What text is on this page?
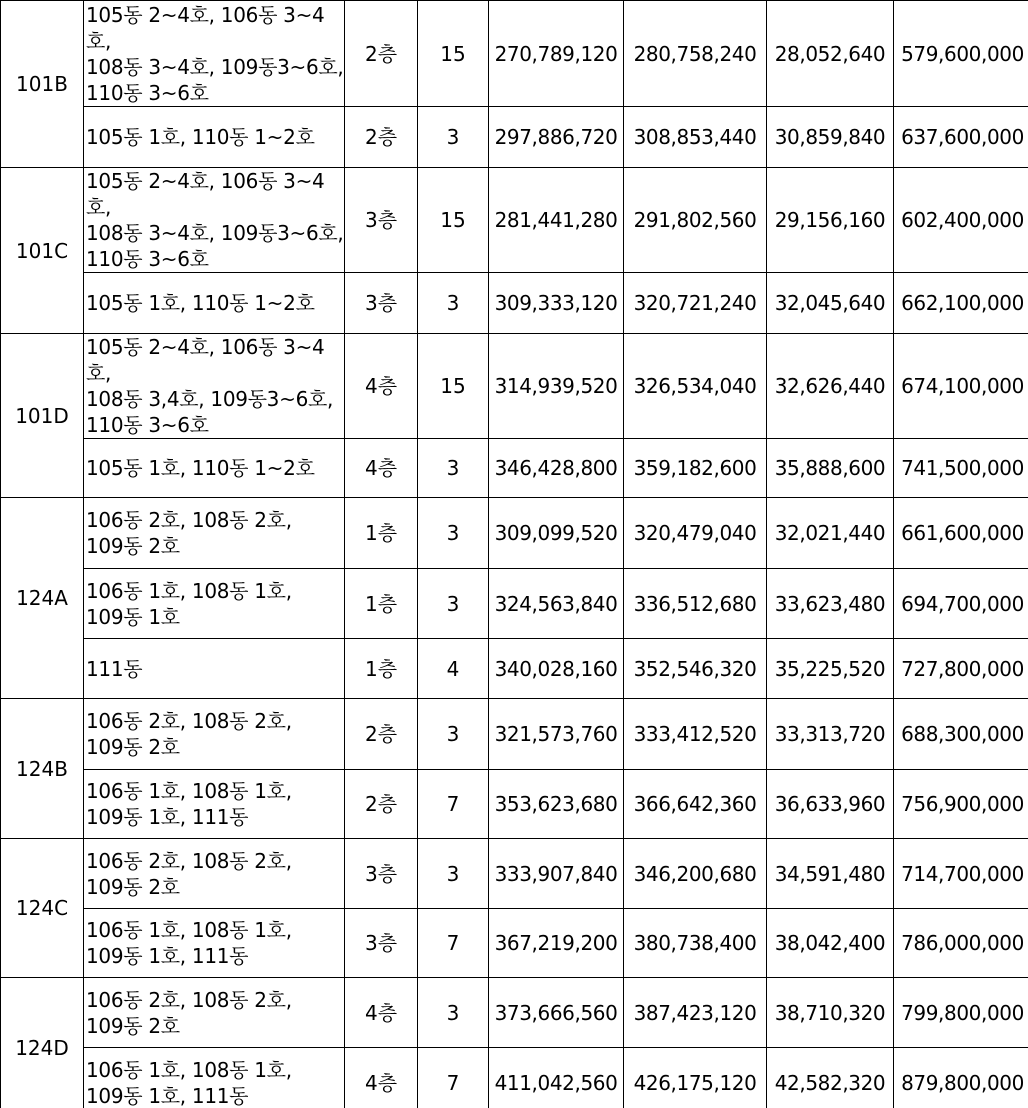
101B	105동 2~4호, 106동 3~4호,
108동 3~4호, 109동3~6호,
110동 3~6호	2층	15	270,789,120	280,758,240	28,052,640	579,600,000

	105동 1호, 110동 1~2호	2층	3	297,886,720	308,853,440	30,859,840	637,600,000
101C	105동 2~4호, 106동 3~4호,
108동 3~4호, 109동3~6호,
110동 3~6호	3층	15	281,441,280	291,802,560	29,156,160	602,400,000

	105동 1호, 110동 1~2호	3층	3	309,333,120	320,721,240	32,045,640	662,100,000
101D	105동 2~4호, 106동 3~4호,
108동 3,4호, 109동3~6호,
110동 3~6호	4층	15	314,939,520	326,534,040	32,626,440	674,100,000

	105동 1호, 110동 1~2호	4층	3	346,428,800	359,182,600	35,888,600	741,500,000
124A	106동 2호, 108동 2호,
109동 2호	1층	3	309,099,520	320,479,040	32,021,440	661,600,000

	106동 1호, 108동 1호,
109동 1호	1층	3	324,563,840	336,512,680	33,623,480	694,700,000

	111동	1층	4	340,028,160	352,546,320	35,225,520	727,800,000
124B	106동 2호, 108동 2호,
109동 2호	2층	3	321,573,760	333,412,520	33,313,720	688,300,000

	106동 1호, 108동 1호,
109동 1호, 111동	2층	7	353,623,680	366,642,360	36,633,960	756,900,000
124C	106동 2호, 108동 2호,
109동 2호	3층	3	333,907,840	346,200,680	34,591,480	714,700,000

	106동 1호, 108동 1호,
109동 1호, 111동	3층	7	367,219,200	380,738,400	38,042,400	786,000,000
124D	106동 2호, 108동 2호,
109동 2호	4층	3	373,666,560	387,423,120	38,710,320	799,800,000

	106동 1호, 108동 1호,
109동 1호, 111동	4층	7	411,042,560	426,175,120	42,582,320	879,800,000
